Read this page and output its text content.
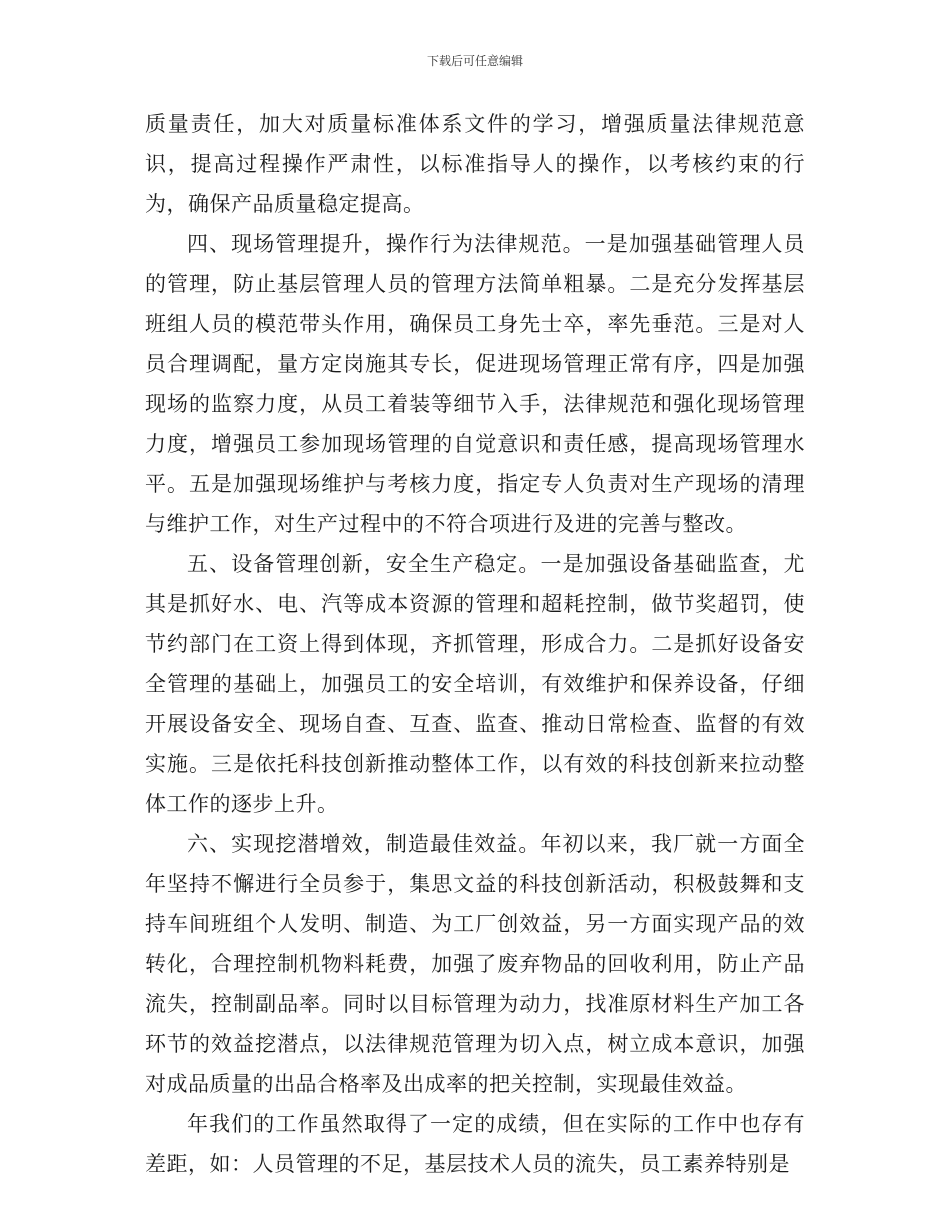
下载后可任意编辑

质量责任，加大对质量标准体系文件的学习，增强质量法律规范意识，提高过程操作严肃性，以标准指导人的操作，以考核约束的行为，确保产品质量稳定提高。

四、现场管理提升，操作行为法律规范。一是加强基础管理人员的管理，防止基层管理人员的管理方法简单粗暴。二是充分发挥基层班组人员的模范带头作用，确保员工身先士卒，率先垂范。三是对人员合理调配，量方定岗施其专长，促进现场管理正常有序，四是加强现场的监察力度，从员工着装等细节入手，法律规范和强化现场管理力度，增强员工参加现场管理的自觉意识和责任感，提高现场管理水平。五是加强现场维护与考核力度，指定专人负责对生产现场的清理与维护工作，对生产过程中的不符合项进行及进的完善与整改。

五、设备管理创新，安全生产稳定。一是加强设备基础监查，尤其是抓好水、电、汽等成本资源的管理和超耗控制，做节奖超罚，使节约部门在工资上得到体现，齐抓管理，形成合力。二是抓好设备安全管理的基础上，加强员工的安全培训，有效维护和保养设备，仔细开展设备安全、现场自查、互查、监查、推动日常检查、监督的有效实施。三是依托科技创新推动整体工作，以有效的科技创新来拉动整体工作的逐步上升。

六、实现挖潜增效，制造最佳效益。年初以来，我厂就一方面全年坚持不懈进行全员参于，集思文益的科技创新活动，积极鼓舞和支持车间班组个人发明、制造、为工厂创效益，另一方面实现产品的效转化，合理控制机物料耗费，加强了废弃物品的回收利用，防止产品流失，控制副品率。同时以目标管理为动力，找准原材料生产加工各环节的效益挖潜点，以法律规范管理为切入点，树立成本意识，加强对成品质量的出品合格率及出成率的把关控制，实现最佳效益。

年我们的工作虽然取得了一定的成绩，但在实际的工作中也存有差距，如：人员管理的不足，基层技术人员的流失，员工素养特别是
